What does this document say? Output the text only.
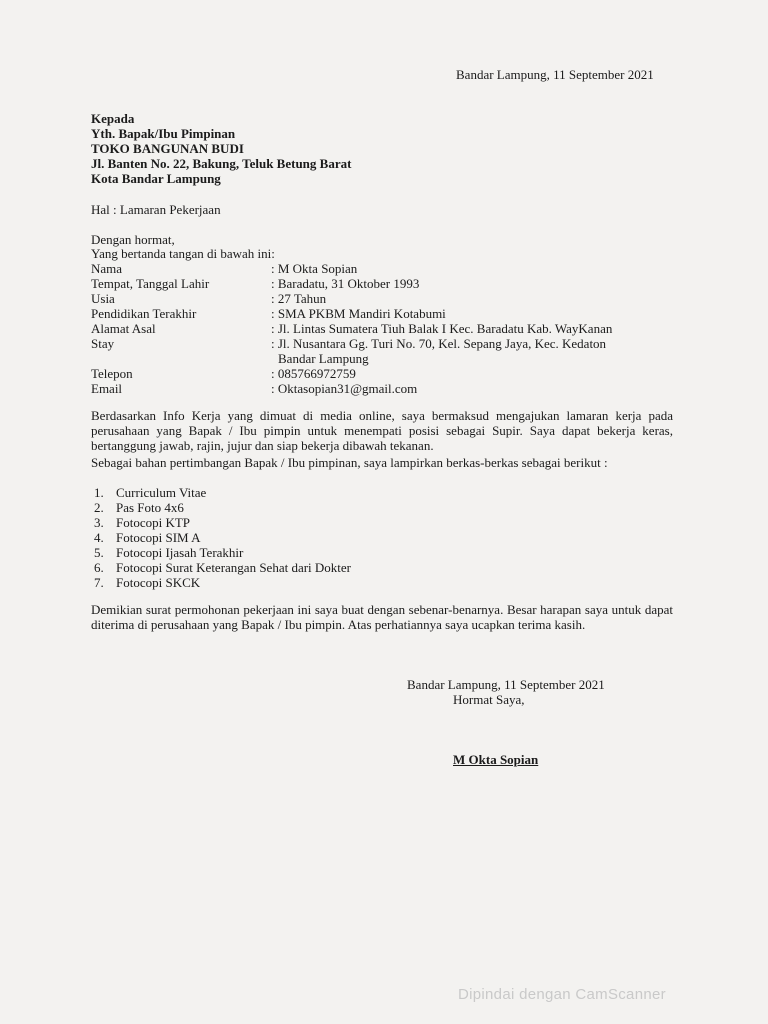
Bandar Lampung, 11 September 2021
Kepada
Yth. Bapak/Ibu Pimpinan
TOKO BANGUNAN BUDI
Jl. Banten No. 22, Bakung, Teluk Betung Barat
Kota Bandar Lampung
Hal : Lamaran Pekerjaan
Dengan hormat,
Yang bertanda tangan di bawah ini:
Nama	: M Okta Sopian
Tempat, Tanggal Lahir	: Baradatu, 31 Oktober 1993
Usia	: 27 Tahun
Pendidikan Terakhir	: SMA PKBM Mandiri Kotabumi
Alamat Asal	: Jl. Lintas Sumatera Tiuh Balak I Kec. Baradatu Kab. WayKanan
Stay	: Jl. Nusantara Gg. Turi No. 70, Kel. Sepang Jaya, Kec. Kedaton
Bandar Lampung
Telepon	: 085766972759
Email	: Oktasopian31@gmail.com
Berdasarkan Info Kerja yang dimuat di media online, saya bermaksud mengajukan lamaran kerja pada perusahaan yang Bapak / Ibu pimpin untuk menempati posisi sebagai Supir. Saya dapat bekerja keras, bertanggung jawab, rajin, jujur dan siap bekerja dibawah tekanan.
Sebagai bahan pertimbangan Bapak / Ibu pimpinan, saya lampirkan berkas-berkas sebagai berikut :
1. Curriculum Vitae
2. Pas Foto 4x6
3. Fotocopi KTP
4. Fotocopi SIM A
5. Fotocopi Ijasah Terakhir
6. Fotocopi Surat Keterangan Sehat dari Dokter
7. Fotocopi SKCK
Demikian surat permohonan pekerjaan ini saya buat dengan sebenar-benarnya. Besar harapan saya untuk dapat diterima di perusahaan yang Bapak / Ibu pimpin. Atas perhatiannya saya ucapkan terima kasih.
Bandar Lampung, 11 September 2021
Hormat Saya,
M Okta Sopian
Dipindai dengan CamScanner
